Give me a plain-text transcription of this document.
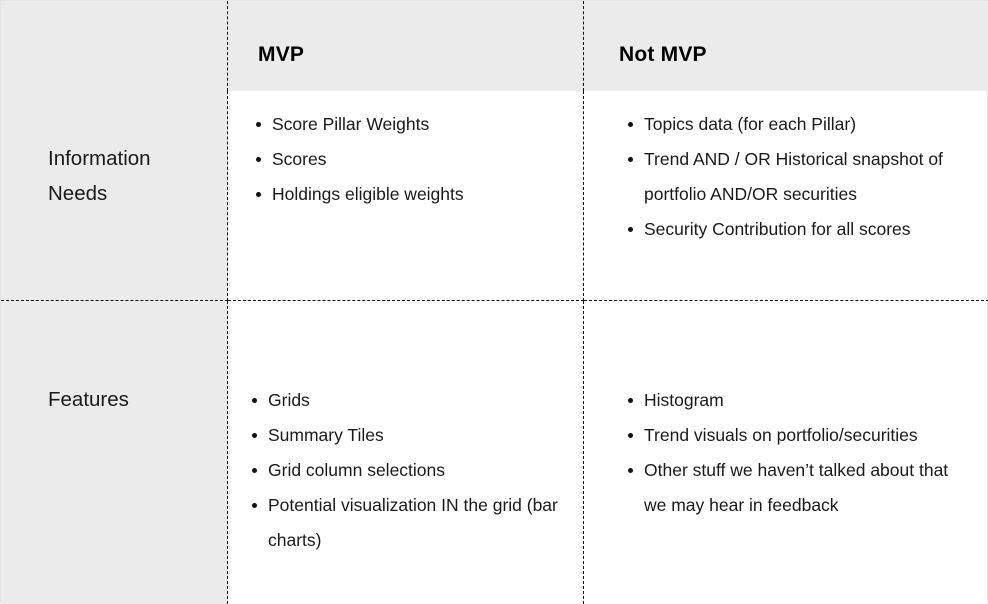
MVP	Not MVP
Information
Needs
Score Pillar Weights
Scores
Holdings eligible weights
Topics data (for each Pillar)
Trend AND / OR Historical snapshot of portfolio AND/OR securities
Security Contribution for all scores
Features	Grids
Summary Tiles
Grid column selections
Potential visualization IN the grid (bar charts)
Histogram
Trend visuals on portfolio/securities
Other stuff we haven’t talked about that we may hear in feedback
